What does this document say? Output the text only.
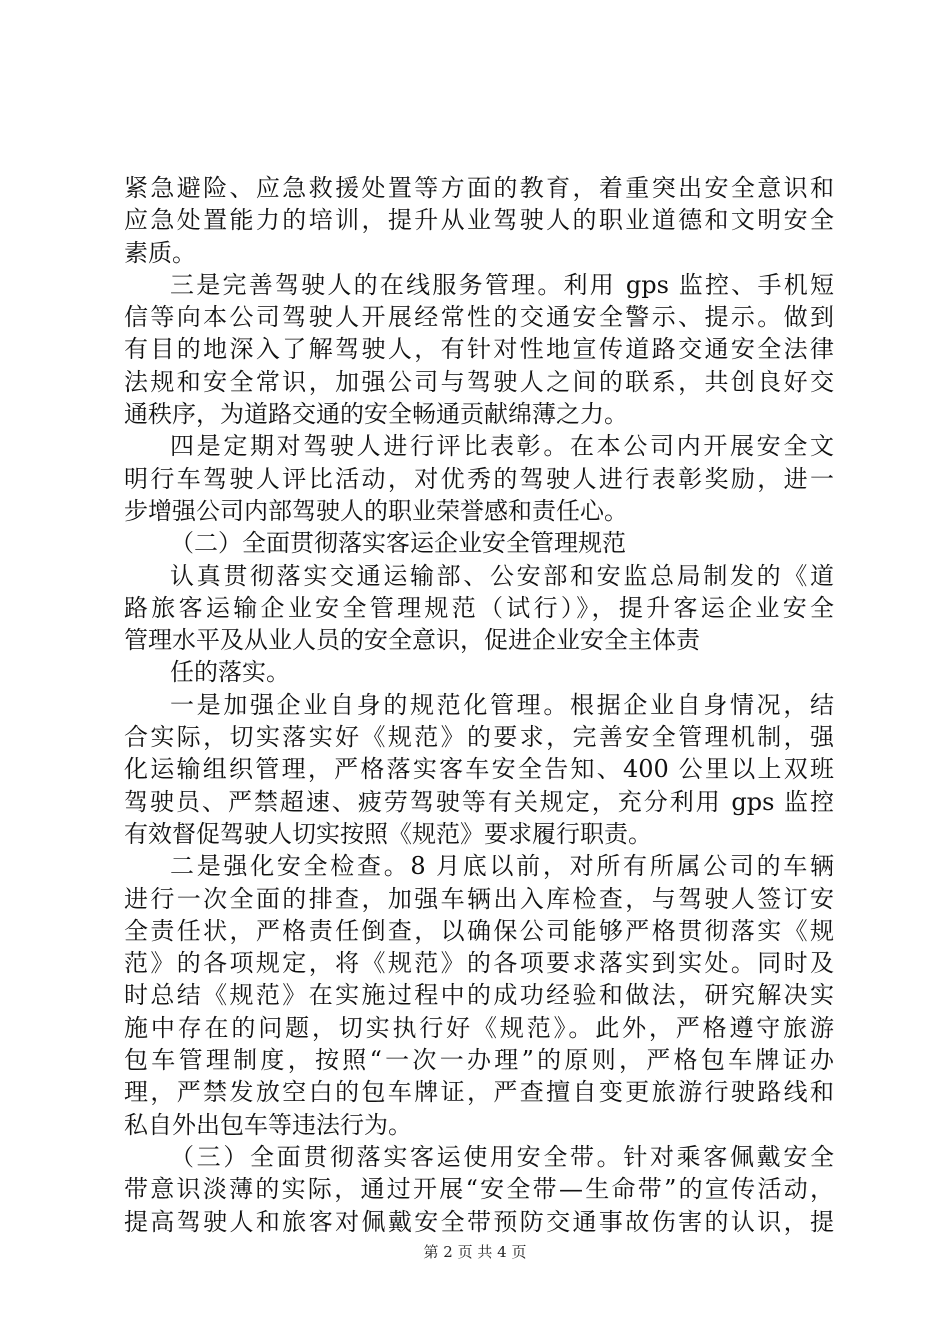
紧急避险、应急救援处置等方面的教育，着重突出安全意识和
应急处置能力的培训，提升从业驾驶人的职业道德和文明安全
素质。
三是完善驾驶人的在线服务管理。利用 gps 监控、手机短
信等向本公司驾驶人开展经常性的交通安全警示、提示。做到
有目的地深入了解驾驶人，有针对性地宣传道路交通安全法律
法规和安全常识，加强公司与驾驶人之间的联系，共创良好交
通秩序，为道路交通的安全畅通贡献绵薄之力。
四是定期对驾驶人进行评比表彰。在本公司内开展安全文
明行车驾驶人评比活动，对优秀的驾驶人进行表彰奖励，进一
步增强公司内部驾驶人的职业荣誉感和责任心。
（二）全面贯彻落实客运企业安全管理规范
认真贯彻落实交通运输部、公安部和安监总局制发的《道
路旅客运输企业安全管理规范（试行）》，提升客运企业安全
管理水平及从业人员的安全意识，促进企业安全主体责
任的落实。
一是加强企业自身的规范化管理。根据企业自身情况，结
合实际，切实落实好《规范》的要求，完善安全管理机制，强
化运输组织管理，严格落实客车安全告知、400 公里以上双班
驾驶员、严禁超速、疲劳驾驶等有关规定，充分利用 gps 监控
有效督促驾驶人切实按照《规范》要求履行职责。
二是强化安全检查。8 月底以前，对所有所属公司的车辆
进行一次全面的排查，加强车辆出入库检查，与驾驶人签订安
全责任状，严格责任倒查，以确保公司能够严格贯彻落实《规
范》的各项规定，将《规范》的各项要求落实到实处。同时及
时总结《规范》在实施过程中的成功经验和做法，研究解决实
施中存在的问题，切实执行好《规范》。此外，严格遵守旅游
包车管理制度，按照“一次一办理”的原则，严格包车牌证办
理，严禁发放空白的包车牌证，严查擅自变更旅游行驶路线和
私自外出包车等违法行为。
（三）全面贯彻落实客运使用安全带。针对乘客佩戴安全
带意识淡薄的实际，通过开展“安全带—生命带”的宣传活动，
提高驾驶人和旅客对佩戴安全带预防交通事故伤害的认识，提
第 2 页 共 4 页
